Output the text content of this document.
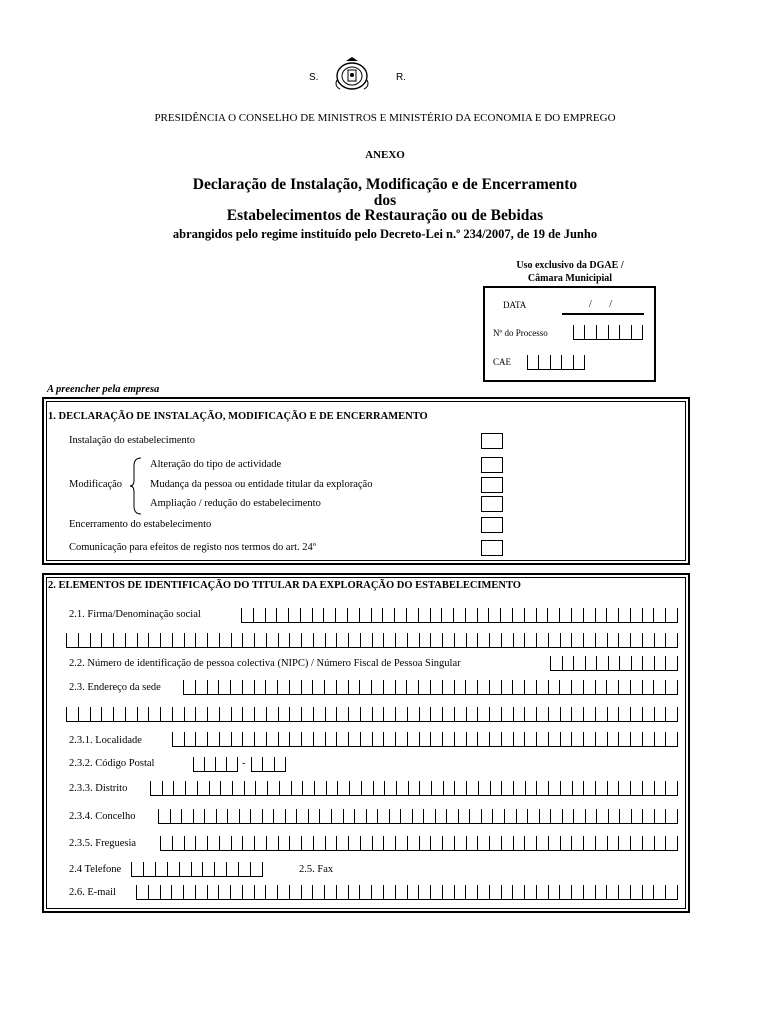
S.	R.
PRESIDÊNCIA O CONSELHO DE MINISTROS E MINISTÉRIO DA ECONOMIA E DO EMPREGO
ANEXO
Declaração de Instalação, Modificação e de Encerramento
dos
Estabelecimentos de Restauração ou de Bebidas
abrangidos pelo regime instituído pelo Decreto-Lei n.º 234/2007, de 19 de Junho
Uso exclusivo da DGAE /
Câmara Municipial
DATA	/       /
Nº do Processo
CAE
A preencher pela empresa
1. DECLARAÇÃO DE INSTALAÇÃO, MODIFICAÇÃO E DE ENCERRAMENTO
Instalação do estabelecimento
Alteração do tipo de actividade
Modificação	Mudança da pessoa ou entidade titular da exploração
Ampliação / redução do estabelecimento
Encerramento do estabelecimento
Comunicação para efeitos de registo nos termos do art. 24º
2. ELEMENTOS DE IDENTIFICAÇÃO DO TITULAR DA EXPLORAÇÃO DO ESTABELECIMENTO
2.1. Firma/Denominação social
2.2. Número de identificação de pessoa colectiva (NIPC) / Número Fiscal de Pessoa Singular
2.3. Endereço da sede
2.3.1. Localidade
2.3.2. Código Postal	-
2.3.3. Distrito
2.3.4. Concelho
2.3.5. Freguesia
2.4 Telefone	2.5. Fax
2.6. E-mail
